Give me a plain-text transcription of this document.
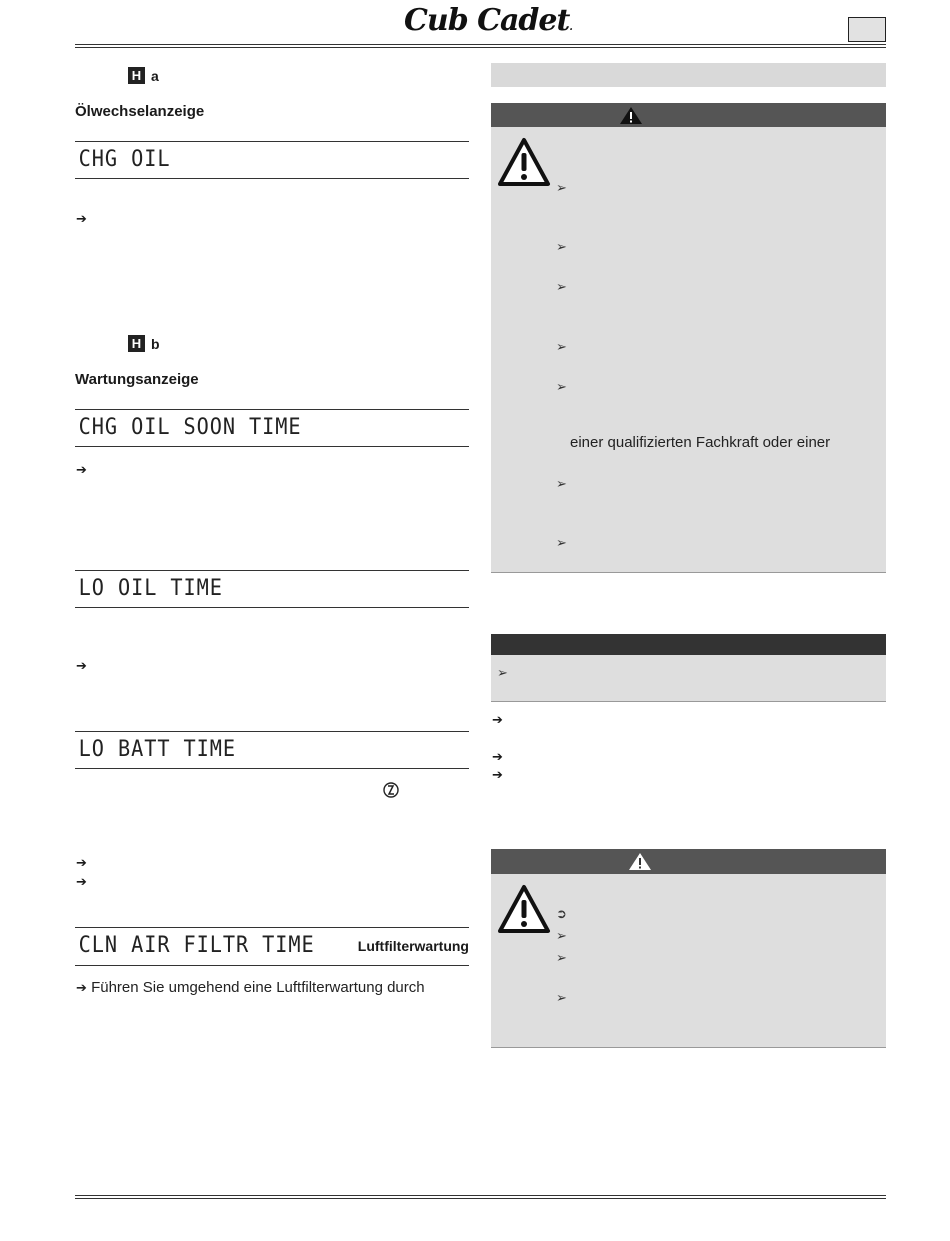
Cub Cadet.
H a
Ölwechselanzeige
CHG OIL
➔
H b
Wartungsanzeige
CHG OIL SOON TIME
➔
LO OIL TIME
➔
LO BATT TIME
➔
➔
CLN AIR FILTR TIME	Luftfilterwartung
➔ Führen Sie umgehend eine Luftfilterwartung durch
➢
➢
➢
➢
➢
einer qualifizierten Fachkraft oder einer
➢
➢
➢
➔
➔
➔
➲
➢
➢
➢
